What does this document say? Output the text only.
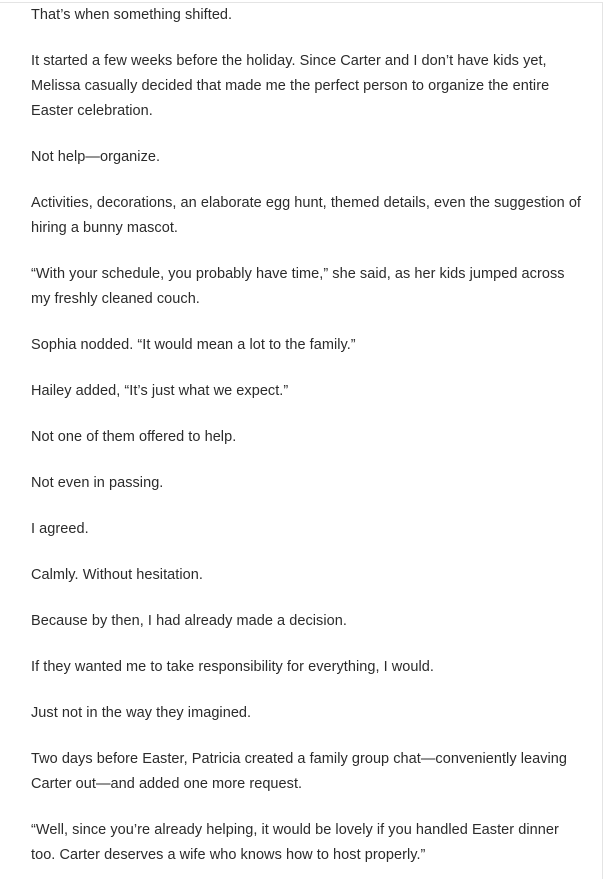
That’s when something shifted.

It started a few weeks before the holiday. Since Carter and I don’t have kids yet, Melissa casually decided that made me the perfect person to organize the entire Easter celebration.

Not help—organize.

Activities, decorations, an elaborate egg hunt, themed details, even the suggestion of hiring a bunny mascot.

“With your schedule, you probably have time,” she said, as her kids jumped across my freshly cleaned couch.

Sophia nodded. “It would mean a lot to the family.”

Hailey added, “It’s just what we expect.”

Not one of them offered to help.

Not even in passing.

I agreed.

Calmly. Without hesitation.

Because by then, I had already made a decision.

If they wanted me to take responsibility for everything, I would.

Just not in the way they imagined.

Two days before Easter, Patricia created a family group chat—conveniently leaving Carter out—and added one more request.

“Well, since you’re already helping, it would be lovely if you handled Easter dinner too. Carter deserves a wife who knows how to host properly.”
